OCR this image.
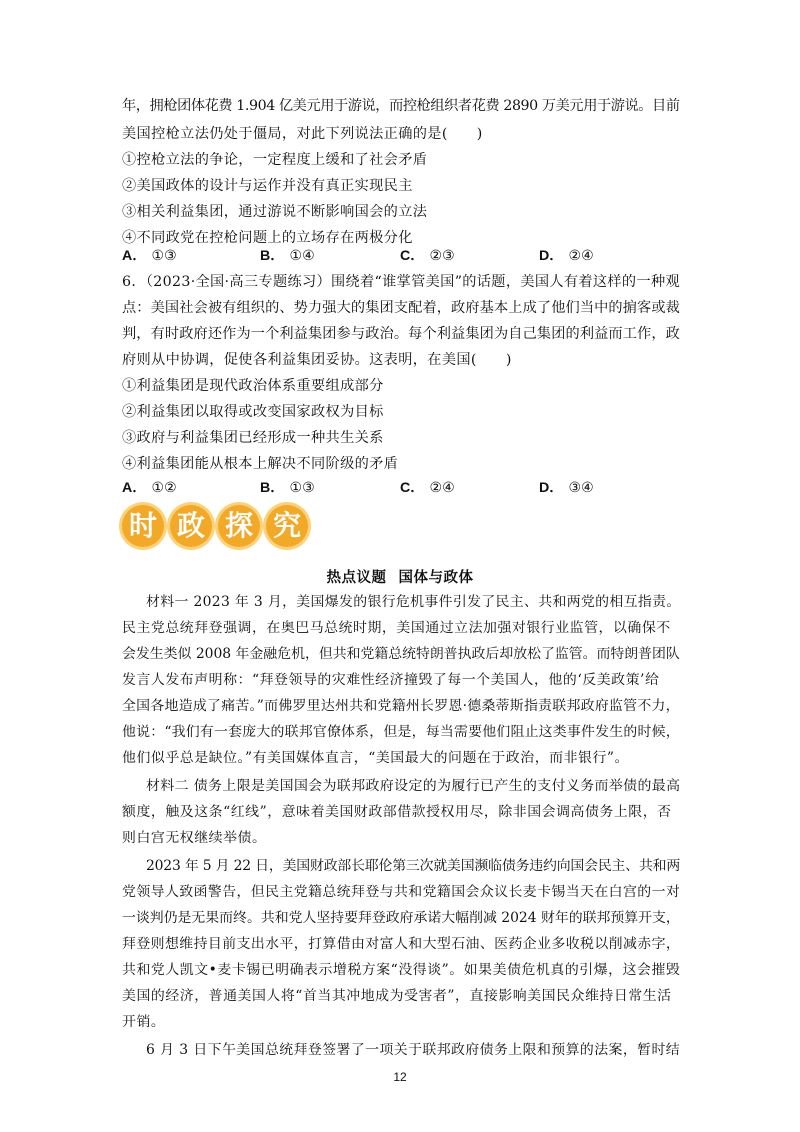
年，拥枪团体花费 1.904 亿美元用于游说，而控枪组织者花费 2890 万美元用于游说。目前
美国控枪立法仍处于僵局，对此下列说法正确的是(　　)
①控枪立法的争论，一定程度上缓和了社会矛盾
②美国政体的设计与运作并没有真正实现民主
③相关利益集团，通过游说不断影响国会的立法
④不同政党在控枪问题上的立场存在两极分化
A． ①③	B． ①④	C． ②③	D． ②④
6．（2023·全国·高三专题练习）围绕着“谁掌管美国”的话题，美国人有着这样的一种观
点：美国社会被有组织的、势力强大的集团支配着，政府基本上成了他们当中的掮客或裁
判，有时政府还作为一个利益集团参与政治。每个利益集团为自己集团的利益而工作，政
府则从中协调，促使各利益集团妥协。这表明，在美国(　　)
①利益集团是现代政治体系重要组成部分
②利益集团以取得或改变国家政权为目标
③政府与利益集团已经形成一种共生关系
④利益集团能从根本上解决不同阶级的矛盾
A． ①②	B． ①③	C． ②④	D． ③④
时 政 探 究
热点议题 国体与政体
材料一 2023 年 3 月，美国爆发的银行危机事件引发了民主、共和两党的相互指责。
民主党总统拜登强调，在奥巴马总统时期，美国通过立法加强对银行业监管，以确保不
会发生类似 2008 年金融危机，但共和党籍总统特朗普执政后却放松了监管。而特朗普团队
发言人发布声明称：“拜登领导的灾难性经济撞毁了每一个美国人，他的‘反美政策’给
全国各地造成了痛苦。”而佛罗里达州共和党籍州长罗恩·德桑蒂斯指责联邦政府监管不力，
他说：“我们有一套庞大的联邦官僚体系，但是，每当需要他们阻止这类事件发生的时候，
他们似乎总是缺位。”有美国媒体直言，“美国最大的问题在于政治，而非银行”。
材料二 债务上限是美国国会为联邦政府设定的为履行已产生的支付义务而举债的最高
额度，触及这条“红线”，意味着美国财政部借款授权用尽，除非国会调高债务上限，否
则白宫无权继续举债。
2023 年 5 月 22 日，美国财政部长耶伦第三次就美国濒临债务违约向国会民主、共和两
党领导人致函警告，但民主党籍总统拜登与共和党籍国会众议长麦卡锡当天在白宫的一对
一谈判仍是无果而终。共和党人坚持要拜登政府承诺大幅削减 2024 财年的联邦预算开支，
拜登则想维持目前支出水平，打算借由对富人和大型石油、医药企业多收税以削减赤字，
共和党人凯文•麦卡锡已明确表示增税方案“没得谈”。如果美债危机真的引爆，这会摧毁
美国的经济，普通美国人将“首当其冲地成为受害者”，直接影响美国民众维持日常生活
开销。
6 月 3 日下午美国总统拜登签署了一项关于联邦政府债务上限和预算的法案，暂时结
12
